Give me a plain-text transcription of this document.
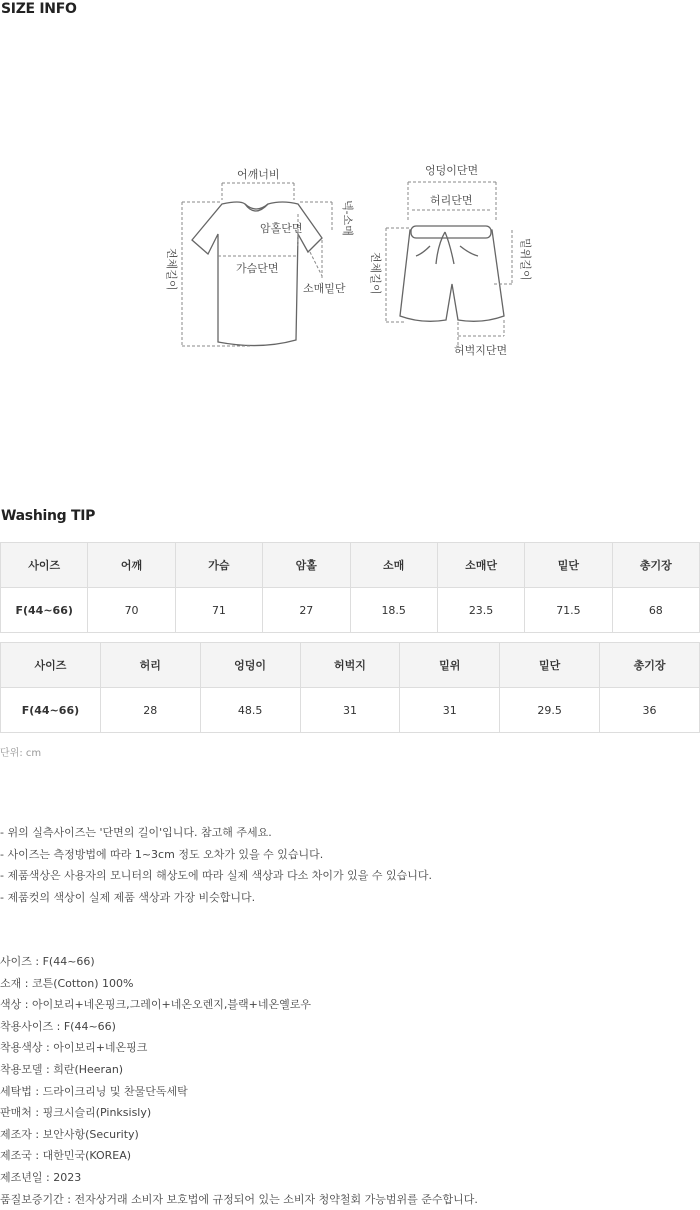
SIZE INFO
어깨너비
암홀단면
가슴단면
소매밑단
넥-소매
전체길이
엉덩이단면
허리단면
허벅지단면
밑위길이
전체길이
Washing TIP
사이즈	어깨	가슴	암홀	소매	소매단	밑단	총기장
F(44~66)	70	71	27	18.5	23.5	71.5	68
사이즈	허리	엉덩이	허벅지	밑위	밑단	총기장
F(44~66)	28	48.5	31	31	29.5	36
단위: cm
- 위의 실측사이즈는 '단면의 길이'입니다. 참고해 주세요.
- 사이즈는 측정방법에 따라 1~3cm 정도 오차가 있을 수 있습니다.
- 제품색상은 사용자의 모니터의 해상도에 따라 실제 색상과 다소 차이가 있을 수 있습니다.
- 제품컷의 색상이 실제 제품 색상과 가장 비슷합니다.
사이즈 : F(44~66)
소재 : 코튼(Cotton) 100%
색상 : 아이보리+네온핑크,그레이+네온오렌지,블랙+네온옐로우
착용사이즈 : F(44~66)
착용색상 : 아이보리+네온핑크
착용모델 : 희란(Heeran)
세탁법 : 드라이크리닝 및 찬물단독세탁
판매처 : 핑크시슬리(Pinksisly)
제조자 : 보안사항(Security)
제조국 : 대한민국(KOREA)
제조년일 : 2023
품질보증기간 : 전자상거래 소비자 보호법에 규정되어 있는 소비자 청약철회 가능범위를 준수합니다.
